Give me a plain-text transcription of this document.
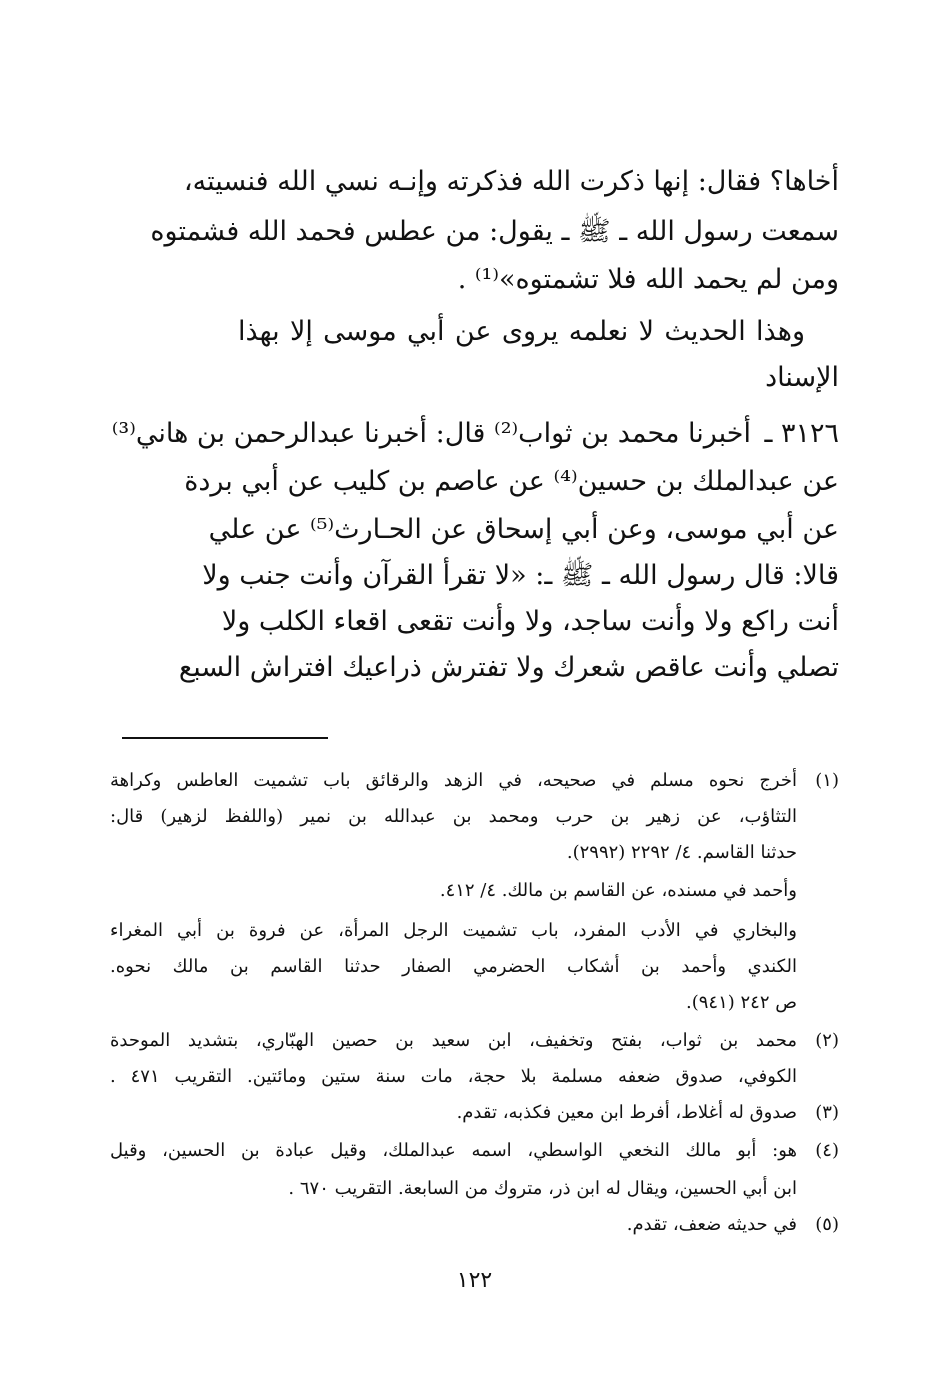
أخاها؟ فقال: إنها ذكرت الله فذكرته وإنـه نسي الله فنسيته،
سمعت رسول الله ـ ﷺ ـ يقول: من عطس فحمد الله فشمتوه
ومن لم يحمد الله فلا تشمتوه»⁽¹⁾ .
وهذا الحديث لا نعلمه يروى عن أبي موسى إلا بهذا
الإسناد
٣١٢٦ ـ
أخبرنا محمد بن ثواب⁽²⁾ قال: أخبرنا عبدالرحمن بن هاني⁽³⁾
عن عبدالملك بن حسين⁽⁴⁾ عن عاصم بن كليب عن أبي بردة
عن أبي موسى، وعن أبي إسحاق عن الحـارث⁽⁵⁾ عن علي
قالا: قال رسول الله ـ ﷺ ـ: «لا تقرأ القرآن وأنت جنب ولا
أنت راكع ولا وأنت ساجد، ولا وأنت تقعى اقعاء الكلب ولا
تصلي وأنت عاقص شعرك ولا تفترش ذراعيك افتراش السبع
(١)
أخرج نحوه مسلم في صحيحه، في الزهد والرقائق باب تشميت العاطس وكراهة
التثاؤب، عن زهير بن حرب ومحمد بن عبدالله بن نمير (واللفظ لزهير) قال:
حدثنا القاسم. ٤/ ٢٢٩٢ (٢٩٩٢).
وأحمد في مسنده، عن القاسم بن مالك. ٤/ ٤١٢.
والبخاري في الأدب المفرد، باب تشميت الرجل المرأة، عن فروة بن أبي المغراء
الكندي وأحمد بن أشكاب الحضرمي الصفار حدثنا القاسم بن مالك نحوه.
ص ٢٤٢ (٩٤١).
(٢)
محمد بن ثواب، بفتح وتخفيف، ابن سعيد بن حصين الهبّاري، بتشديد الموحدة
الكوفي، صدوق ضعفه مسلمة بلا حجة، مات سنة ستين ومائتين. التقريب ٤٧١ .
(٣)
صدوق له أغلاط، أفرط ابن معين فكذبه، تقدم.
(٤)
هو: أبو مالك النخعي الواسطي، اسمه عبدالملك، وقيل عبادة بن الحسين، وقيل
ابن أبي الحسين، ويقال له ابن ذر، متروك من السابعة. التقريب ٦٧٠ .
(٥)
في حديثه ضعف، تقدم.
١٢٢
